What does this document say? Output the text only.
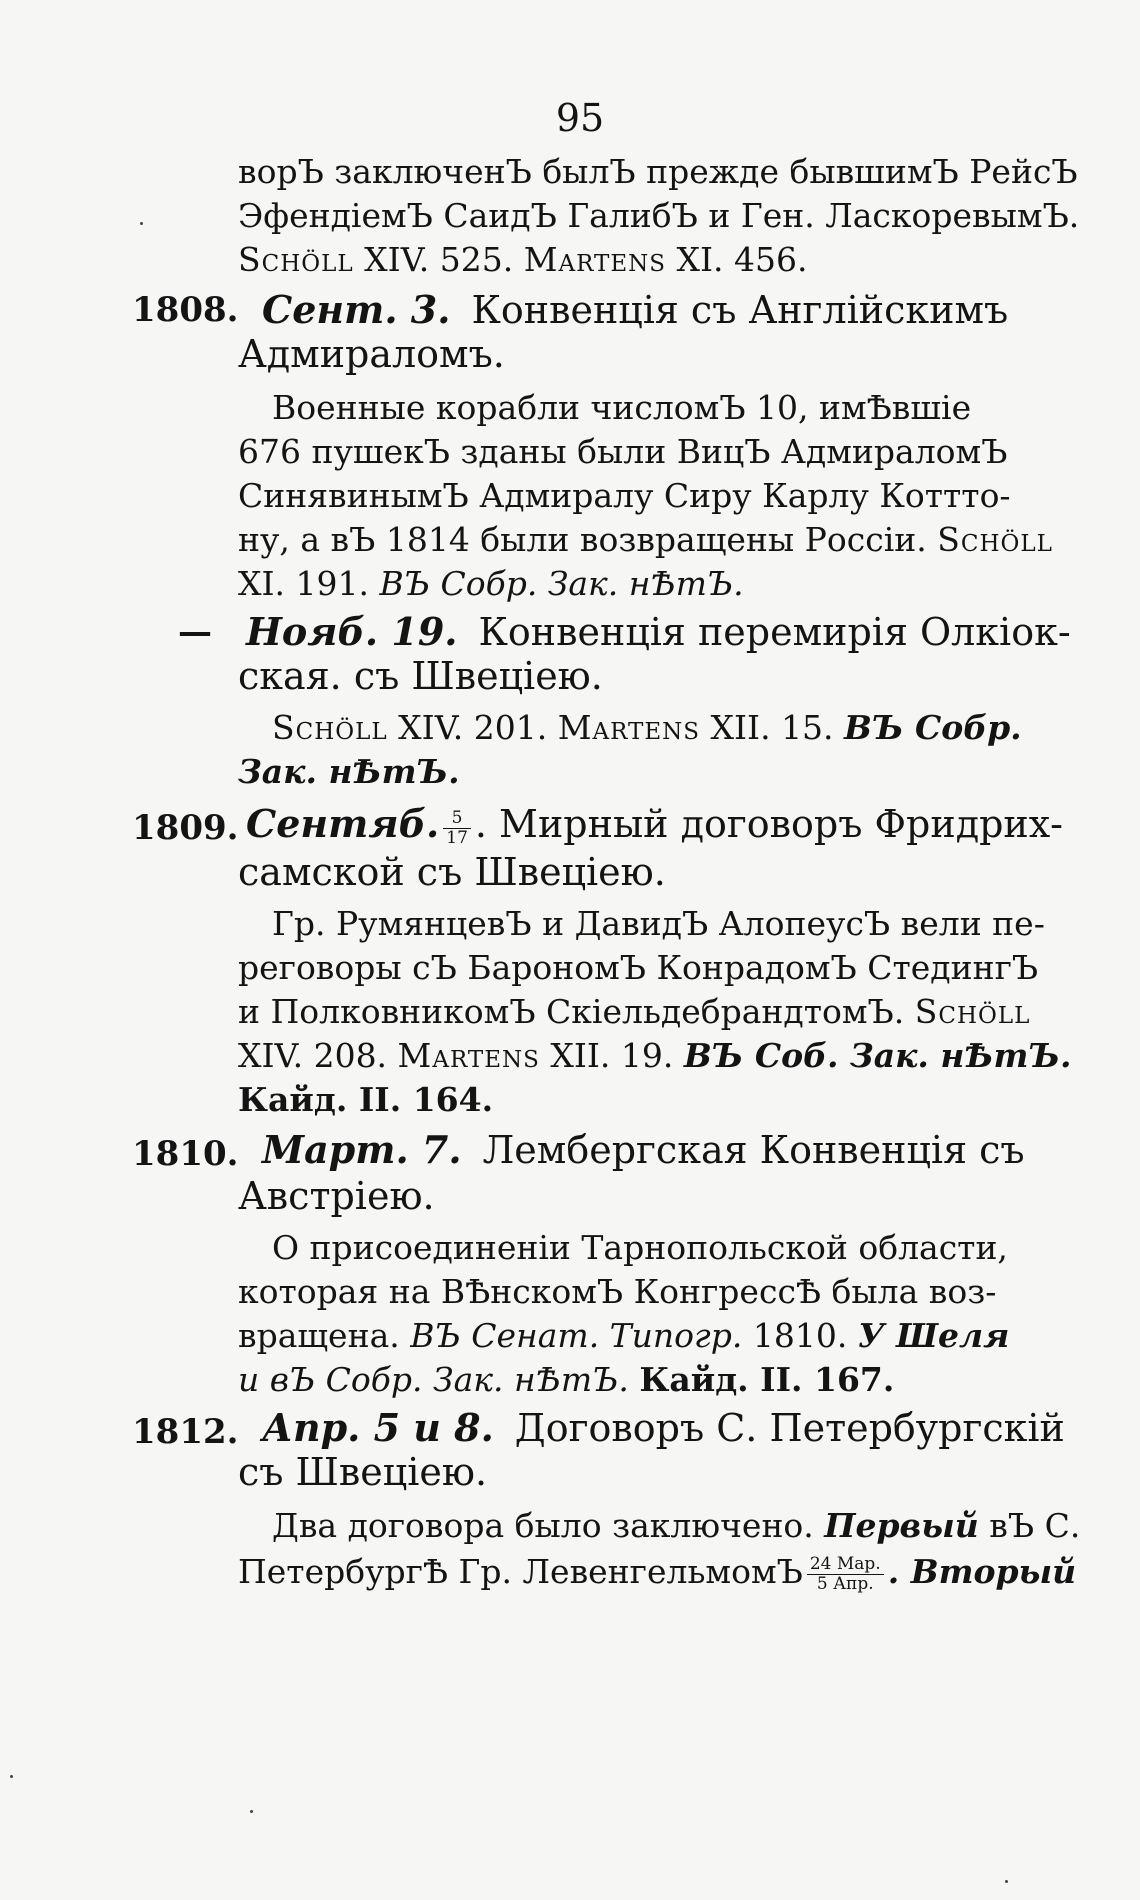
95
ворЪ заключенЪ былЪ прежде бывшимЪ РейсЪ
ЭфендіемЪ СаидЪ ГалибЪ и Ген. ЛаскоревымЪ.
Schöll XIV. 525. Martens XI. 456.
1808. Сент. 3. Конвенція съ Англійскимъ
Адмираломъ.
Военные корабли числомЪ 10, имѢвшіе
676 пушекЪ зданы были ВицЪ АдмираломЪ
СинявинымЪ Адмиралу Сиру Карлу Коттто-
ну, а вЪ 1814 были возвращены Россіи. Schöll
XI. 191. ВЪ Собр. Зак. нѢтЪ.
— Нояб. 19. Конвенція перемирія Олкіок-
ская. съ Швеціею.
Schöll XIV. 201. Martens XII. 15. ВЪ Собр.
Зак. нѢтЪ.
1809. Сентяб. $\frac{5}{17}$ . Мирный договоръ Фридрих-
самской съ Швеціею.
Гр. РумянцевЪ и ДавидЪ АлопеусЪ вели пе-
реговоры сЪ БарономЪ КонрадомЪ СтедингЪ
и ПолковникомЪ СкіельдебрандтомЪ. Schöll
XIV. 208. Martens XII. 19. ВЪ Соб. Зак. нѢтЪ.
Кайд. II. 164.
1810. Март. 7. Лембергская Конвенція съ
Австріею.
О присоединеніи Тарнопольской области,
которая на ВѢнскомЪ КонгрессѢ была воз-
вращена. ВЪ Сенат. Типогр. 1810. У Шеля
и вЪ Собр. Зак. нѢтЪ. Кайд. II. 167.
1812. Апр. 5 и 8. Договоръ С. Петербургскій
съ Швеціею.
Два договора было заключено. Первый вЪ С.
ПетербургѢ Гр. ЛевенгельмомЪ $\frac{\text{24 Мар.}}{\text{5 Апр.}}$ . Вторый
